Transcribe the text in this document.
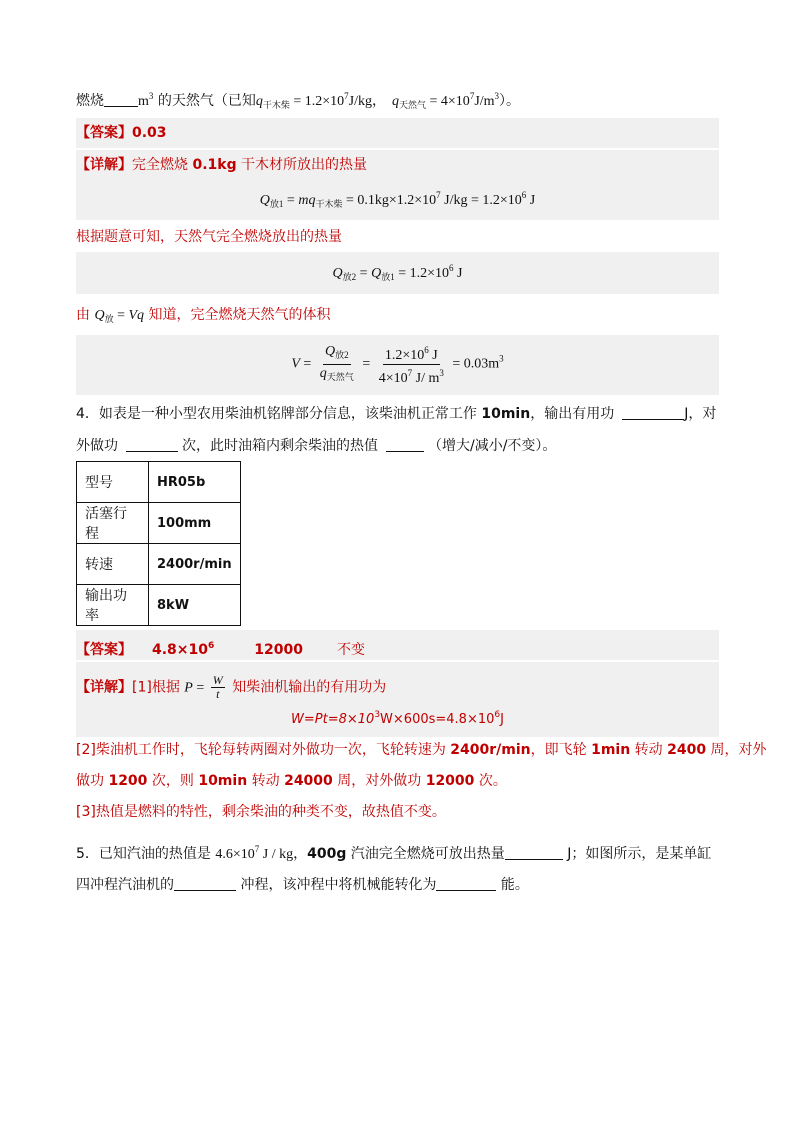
燃烧 $m^3$ 的天然气（已知$q_{干木柴} = 1.2\times 10^7J/kg$， $q_{天然气} = 4\times 10^7J/m^3$）。
【答案】0.03
【详解】完全燃烧 0.1kg 干木材所放出的热量
$Q_{放1} = mq_{干木柴} = 0.1kg\times 1.2\times 10^7$ $J/kg = 1.2\times 10^6$ J
根据题意可知，天然气完全燃烧放出的热量
$Q_{放2} = Q_{放1} = 1.2\times 10^6$ J
由 $Q_放 = Vq$ 知道，完全燃烧天然气的体积
$V = \frac{Q_{放2}}{q_{天然气}} = \frac{1.2\times 10^6 J}{4\times 10^7 J/ m^3} = 0.03m^3$
4．如表是一种小型农用柴油机铭牌部分信息，该柴油机正常工作 10min，输出有用功	J，对
外做功	次，此时油箱内剩余柴油的热值	（增大/减小/不变）。
型号	HR05b
活塞行程	100mm
转速	2400r/min
输出功率	8kW
【答案】 $4.8\times 10^6$	12000 不变
【详解】[1]根据 $P = \frac{W}{t}$ 知柴油机输出的有用功为
$W=Pt=8\times 10^3W\times 600s=4.8\times 10^6J$
[2]柴油机工作时，飞轮每转两圈对外做功一次，飞轮转速为 2400r/min，即飞轮 1min 转动 2400 周，对外
做功 1200 次，则 10min 转动 24000 周，对外做功 12000 次。
[3]热值是燃料的特性，剩余柴油的种类不变，故热值不变。
5．已知汽油的热值是 $4.6\times 10^7$ J / kg，400g 汽油完全燃烧可放出热量	J；如图所示，是某单缸
四冲程汽油机的	冲程，该冲程中将机械能转化为	能。
